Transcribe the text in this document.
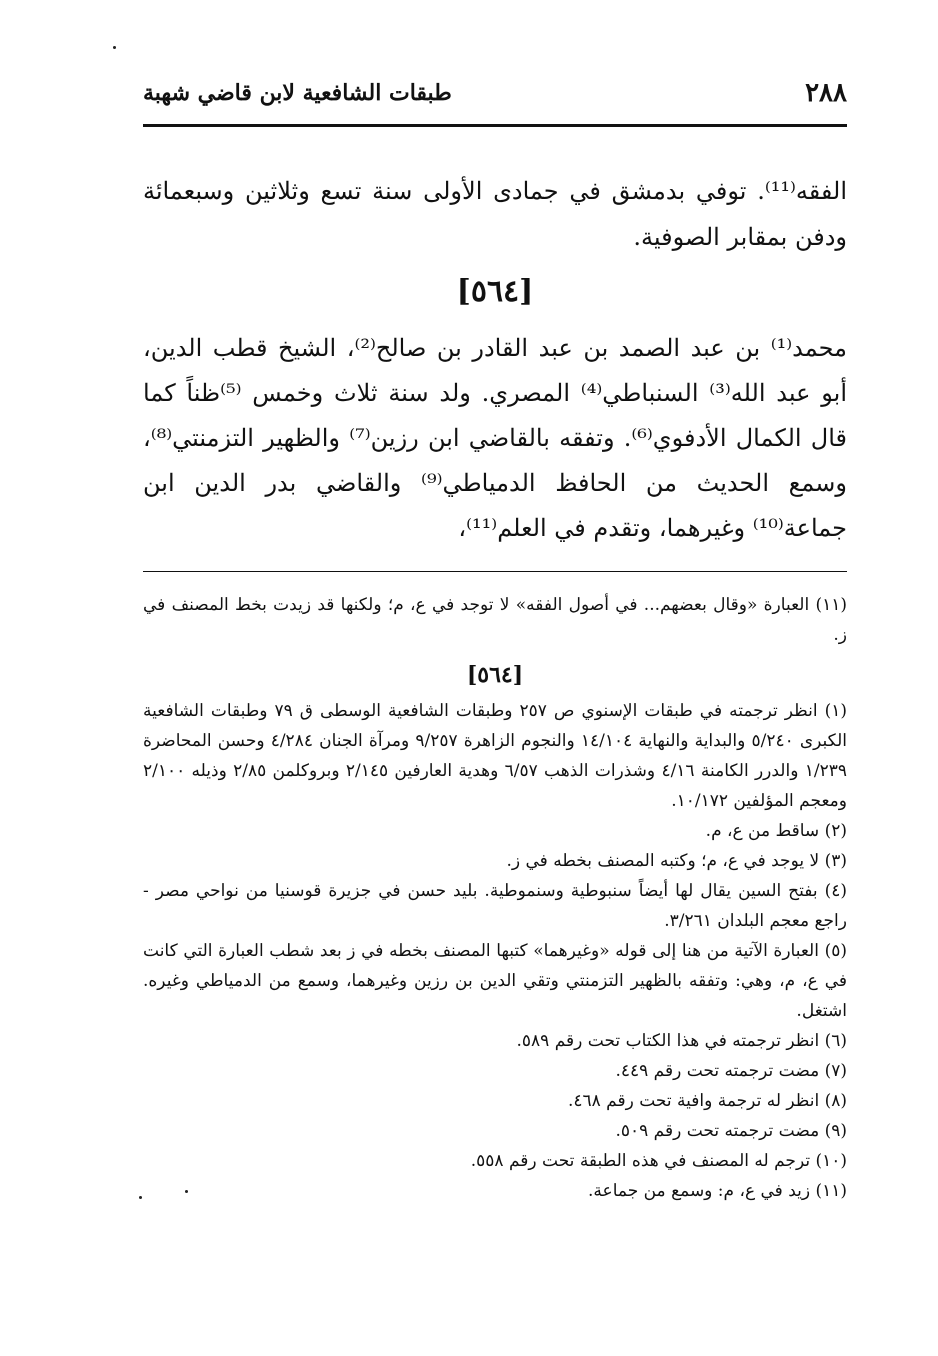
٢٨٨
طبقات الشافعية لابن قاضي شهبة

الفقه⁽¹¹⁾. توفي بدمشق في جمادى الأولى سنة تسع وثلاثين وسبعمائة ودفن بمقابر الصوفية.

[٥٦٤]

محمد⁽¹⁾ بن عبد الصمد بن عبد القادر بن صالح⁽²⁾، الشيخ قطب الدين، أبو عبد الله⁽³⁾ السنباطي⁽⁴⁾ المصري. ولد سنة ثلاث وخمس ⁽⁵⁾ظناً كما قال الكمال الأدفوي⁽⁶⁾. وتفقه بالقاضي ابن رزين⁽⁷⁾ والظهير التزمنتي⁽⁸⁾، وسمع الحديث من الحافظ الدمياطي⁽⁹⁾ والقاضي بدر الدين ابن جماعة⁽¹⁰⁾ وغيرهما، وتقدم في العلم⁽¹¹⁾،

(١١) العبارة «وقال بعضهم... في أصول الفقه» لا توجد في ع، م؛ ولكنها قد زيدت بخط المصنف في ز.

[٥٦٤]

(١) انظر ترجمته في طبقات الإسنوي ص ٢٥٧ وطبقات الشافعية الوسطى ق ٧٩ وطبقات الشافعية الكبرى ٥/٢٤٠ والبداية والنهاية ١٤/١٠٤ والنجوم الزاهرة ٩/٢٥٧ ومرآة الجنان ٤/٢٨٤ وحسن المحاضرة ١/٢٣٩ والدرر الكامنة ٤/١٦ وشذرات الذهب ٦/٥٧ وهدية العارفين ٢/١٤٥ وبروكلمن ٢/٨٥ وذيله ٢/١٠٠ ومعجم المؤلفين ١٠/١٧٢.

(٢) ساقط من ع، م.

(٣) لا يوجد في ع، م؛ وكتبه المصنف بخطه في ز.

(٤) بفتح السين يقال لها أيضاً سنبوطية وسنموطية. بليد حسن في جزيرة قوسنيا من نواحي مصر - راجع معجم البلدان ٣/٢٦١.

(٥) العبارة الآتية من هنا إلى قوله «وغيرهما» كتبها المصنف بخطه في ز بعد شطب العبارة التي كانت في ع، م، وهي: وتفقه بالظهير التزمنتي وتقي الدين بن رزين وغيرهما، وسمع من الدمياطي وغيره. اشتغل.

(٦) انظر ترجمته في هذا الكتاب تحت رقم ٥٨٩.

(٧) مضت ترجمته تحت رقم ٤٤٩.

(٨) انظر له ترجمة وافية تحت رقم ٤٦٨.

(٩) مضت ترجمته تحت رقم ٥٠٩.

(١٠) ترجم له المصنف في هذه الطبقة تحت رقم ٥٥٨.

(١١) زيد في ع، م: وسمع من جماعة.
